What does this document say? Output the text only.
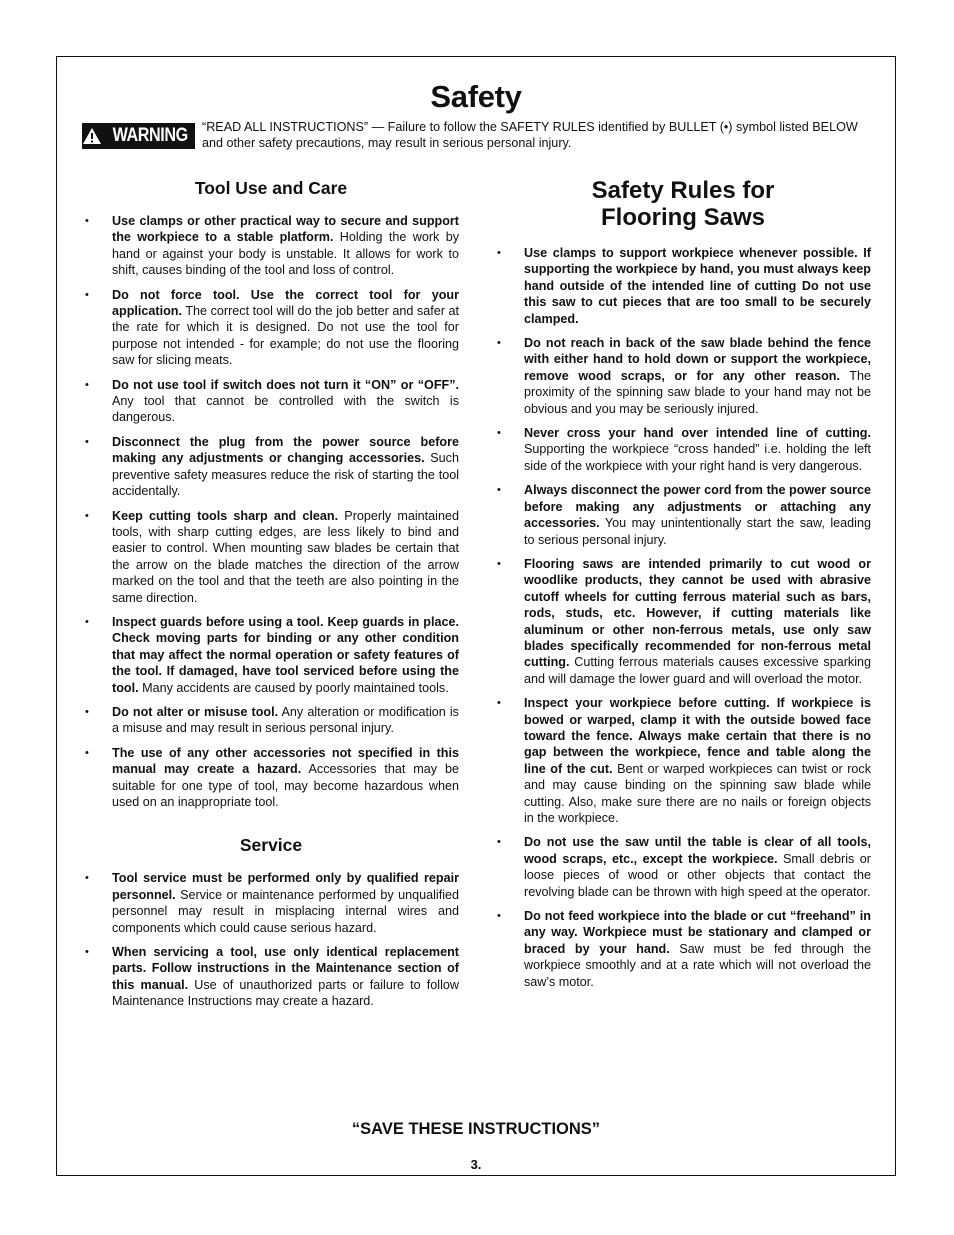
Safety
WARNING “READ ALL INSTRUCTIONS” — Failure to follow the SAFETY RULES identified by BULLET (•) symbol listed BELOW and other safety precautions, may result in serious personal injury.
Tool Use and Care
• Use clamps or other practical way to secure and support the workpiece to a stable platform. Holding the work by hand or against your body is unstable. It allows for work to shift, causes binding of the tool and loss of control.
• Do not force tool. Use the correct tool for your application. The correct tool will do the job better and safer at the rate for which it is designed. Do not use the tool for purpose not intended - for example; do not use the flooring saw for slicing meats.
• Do not use tool if switch does not turn it “ON” or “OFF”. Any tool that cannot be controlled with the switch is dangerous.
• Disconnect the plug from the power source before making any adjustments or changing accessories. Such preventive safety measures reduce the risk of starting the tool accidentally.
• Keep cutting tools sharp and clean. Properly maintained tools, with sharp cutting edges, are less likely to bind and easier to control. When mounting saw blades be certain that the arrow on the blade matches the direction of the arrow marked on the tool and that the teeth are also pointing in the same direction.
• Inspect guards before using a tool. Keep guards in place. Check moving parts for binding or any other condition that may affect the normal operation or safety features of the tool. If damaged, have tool serviced before using the tool. Many accidents are caused by poorly maintained tools.
• Do not alter or misuse tool. Any alteration or modification is a misuse and may result in serious personal injury.
• The use of any other accessories not specified in this manual may create a hazard. Accessories that may be suitable for one type of tool, may become hazardous when used on an inappropriate tool.
Service
• Tool service must be performed only by qualified repair personnel. Service or maintenance performed by unqualified personnel may result in misplacing internal wires and components which could cause serious hazard.
• When servicing a tool, use only identical replacement parts. Follow instructions in the Maintenance section of this manual. Use of unauthorized parts or failure to follow Maintenance Instructions may create a hazard.
Safety Rules for
Flooring Saws
• Use clamps to support workpiece whenever possible. If supporting the workpiece by hand, you must always keep hand outside of the intended line of cutting Do not use this saw to cut pieces that are too small to be securely clamped.
• Do not reach in back of the saw blade behind the fence with either hand to hold down or support the workpiece, remove wood scraps, or for any other reason. The proximity of the spinning saw blade to your hand may not be obvious and you may be seriously injured.
• Never cross your hand over intended line of cutting. Supporting the workpiece “cross handed” i.e. holding the left side of the workpiece with your right hand is very dangerous.
• Always disconnect the power cord from the power source before making any adjustments or attaching any accessories. You may unintentionally start the saw, leading to serious personal injury.
• Flooring saws are intended primarily to cut wood or woodlike products, they cannot be used with abrasive cutoff wheels for cutting ferrous material such as bars, rods, studs, etc. However, if cutting materials like aluminum or other non-ferrous metals, use only saw blades specifically recommended for non-ferrous metal cutting. Cutting ferrous materials causes excessive sparking and will damage the lower guard and will overload the motor.
• Inspect your workpiece before cutting. If workpiece is bowed or warped, clamp it with the outside bowed face toward the fence. Always make certain that there is no gap between the workpiece, fence and table along the line of the cut. Bent or warped workpieces can twist or rock and may cause binding on the spinning saw blade while cutting. Also, make sure there are no nails or foreign objects in the workpiece.
• Do not use the saw until the table is clear of all tools, wood scraps, etc., except the workpiece. Small debris or loose pieces of wood or other objects that contact the revolving blade can be thrown with high speed at the operator.
• Do not feed workpiece into the blade or cut “freehand” in any way. Workpiece must be stationary and clamped or braced by your hand. Saw must be fed through the workpiece smoothly and at a rate which will not overload the saw’s motor.
“SAVE THESE INSTRUCTIONS”
3.
